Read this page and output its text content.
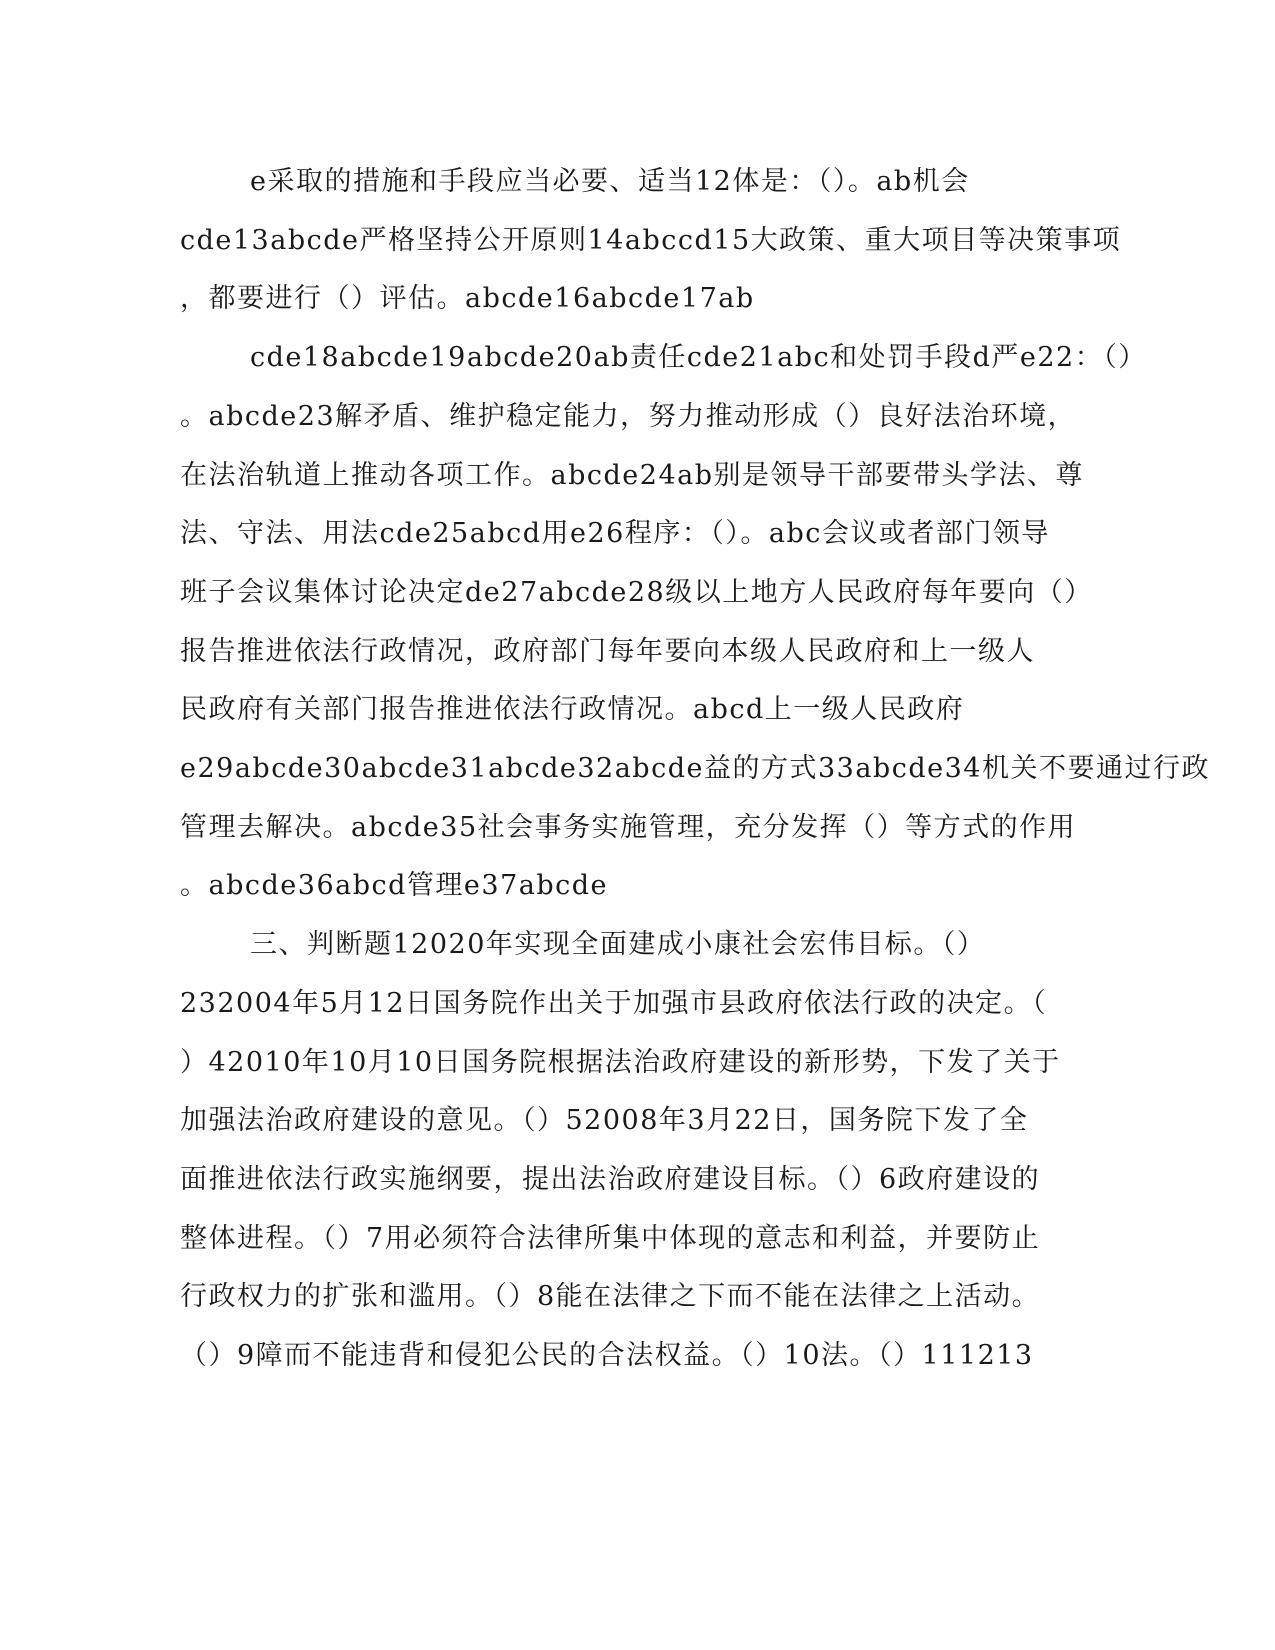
e采取的措施和手段应当必要、适当12体是：（）。ab机会
cde13abcde严格坚持公开原则14abccd15大政策、重大项目等决策事项
，都要进行（）评估。abcde16abcde17ab
cde18abcde19abcde20ab责任cde21abc和处罚手段d严e22：（）
。abcde23解矛盾、维护稳定能力，努力推动形成（）良好法治环境，
在法治轨道上推动各项工作。abcde24ab别是领导干部要带头学法、尊
法、守法、用法cde25abcd用e26程序：（）。abc会议或者部门领导
班子会议集体讨论决定de27abcde28级以上地方人民政府每年要向（）
报告推进依法行政情况，政府部门每年要向本级人民政府和上一级人
民政府有关部门报告推进依法行政情况。abcd上一级人民政府
e29abcde30abcde31abcde32abcde益的方式33abcde34机关不要通过行政
管理去解决。abcde35社会事务实施管理，充分发挥（）等方式的作用
。abcde36abcd管理e37abcde
三、判断题12020年实现全面建成小康社会宏伟目标。（）
232004年5月12日国务院作出关于加强市县政府依法行政的决定。（
）42010年10月10日国务院根据法治政府建设的新形势，下发了关于
加强法治政府建设的意见。（）52008年3月22日，国务院下发了全
面推进依法行政实施纲要，提出法治政府建设目标。（）6政府建设的
整体进程。（）7用必须符合法律所集中体现的意志和利益，并要防止
行政权力的扩张和滥用。（）8能在法律之下而不能在法律之上活动。
（）9障而不能违背和侵犯公民的合法权益。（）10法。（）111213
